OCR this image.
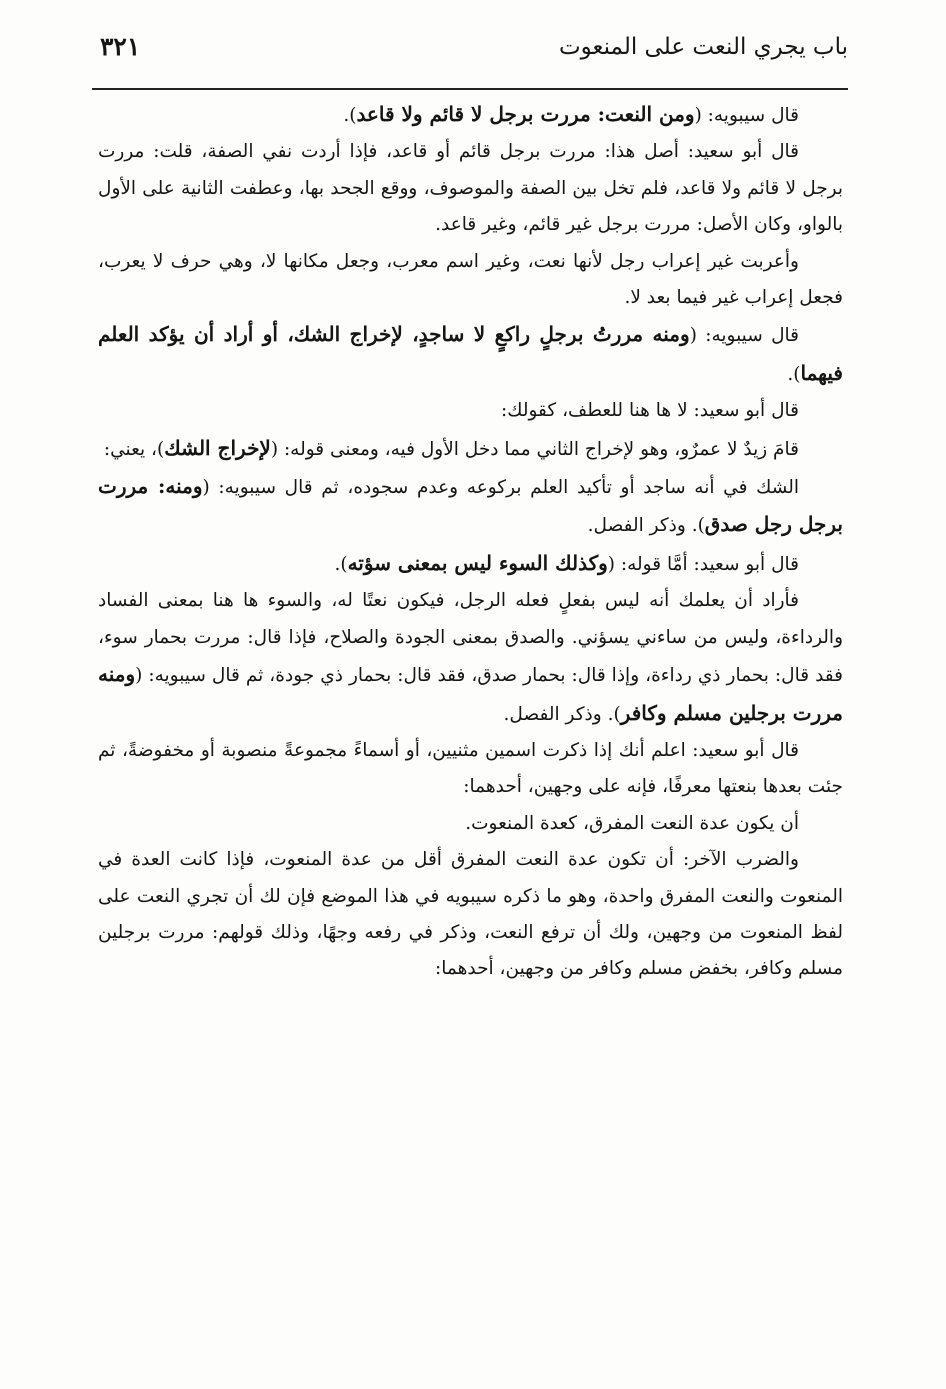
باب يجري النعت على المنعوت
٣٢١

قال سيبويه: (ومن النعت: مررت برجل لا قائم ولا قاعد).

قال أبو سعيد: أصل هذا: مررت برجل قائم أو قاعد، فإذا أردت نفي الصفة، قلت: مررت برجل لا قائم ولا قاعد، فلم تخل بين الصفة والموصوف، ووقع الجحد بها، وعطفت الثانية على الأول بالواو، وكان الأصل: مررت برجل غير قائم، وغير قاعد.

وأعربت غير إعراب رجل لأنها نعت، وغير اسم معرب، وجعل مكانها لا، وهي حرف لا يعرب، فجعل إعراب غير فيما بعد لا.

قال سيبويه: (ومنه مررتُ برجلٍ راكعٍ لا ساجدٍ، لإخراج الشك، أو أراد أن يؤكد العلم فيهما).

قال أبو سعيد: لا ها هنا للعطف، كقولك:

قامَ زيدٌ لا عمرٌو، وهو لإخراج الثاني مما دخل الأول فيه، ومعنى قوله: (لإخراج الشك)، يعني:

الشك في أنه ساجد أو تأكيد العلم بركوعه وعدم سجوده، ثم قال سيبويه: (ومنه: مررت برجل رجل صدق). وذكر الفصل.

قال أبو سعيد: أمَّا قوله: (وكذلك السوء ليس بمعنى سؤته).

فأراد أن يعلمك أنه ليس بفعلٍ فعله الرجل، فيكون نعتًا له، والسوء ها هنا بمعنى الفساد والرداءة، وليس من ساءني يسؤني. والصدق بمعنى الجودة والصلاح، فإذا قال: مررت بحمار سوء، فقد قال: بحمار ذي رداءة، وإذا قال: بحمار صدق، فقد قال: بحمار ذي جودة، ثم قال سيبويه: (ومنه مررت برجلين مسلم وكافر). وذكر الفصل.

قال أبو سعيد: اعلم أنك إذا ذكرت اسمين مثنيين، أو أسماءً مجموعةً منصوبة أو مخفوضةً، ثم جئت بعدها بنعتها معرفًا، فإنه على وجهين، أحدهما:

أن يكون عدة النعت المفرق، كعدة المنعوت.

والضرب الآخر: أن تكون عدة النعت المفرق أقل من عدة المنعوت، فإذا كانت العدة في المنعوت والنعت المفرق واحدة، وهو ما ذكره سيبويه في هذا الموضع فإن لك أن تجري النعت على لفظ المنعوت من وجهين، ولك أن ترفع النعت، وذكر في رفعه وجهًا، وذلك قولهم: مررت برجلين مسلم وكافر، بخفض مسلم وكافر من وجهين، أحدهما:
